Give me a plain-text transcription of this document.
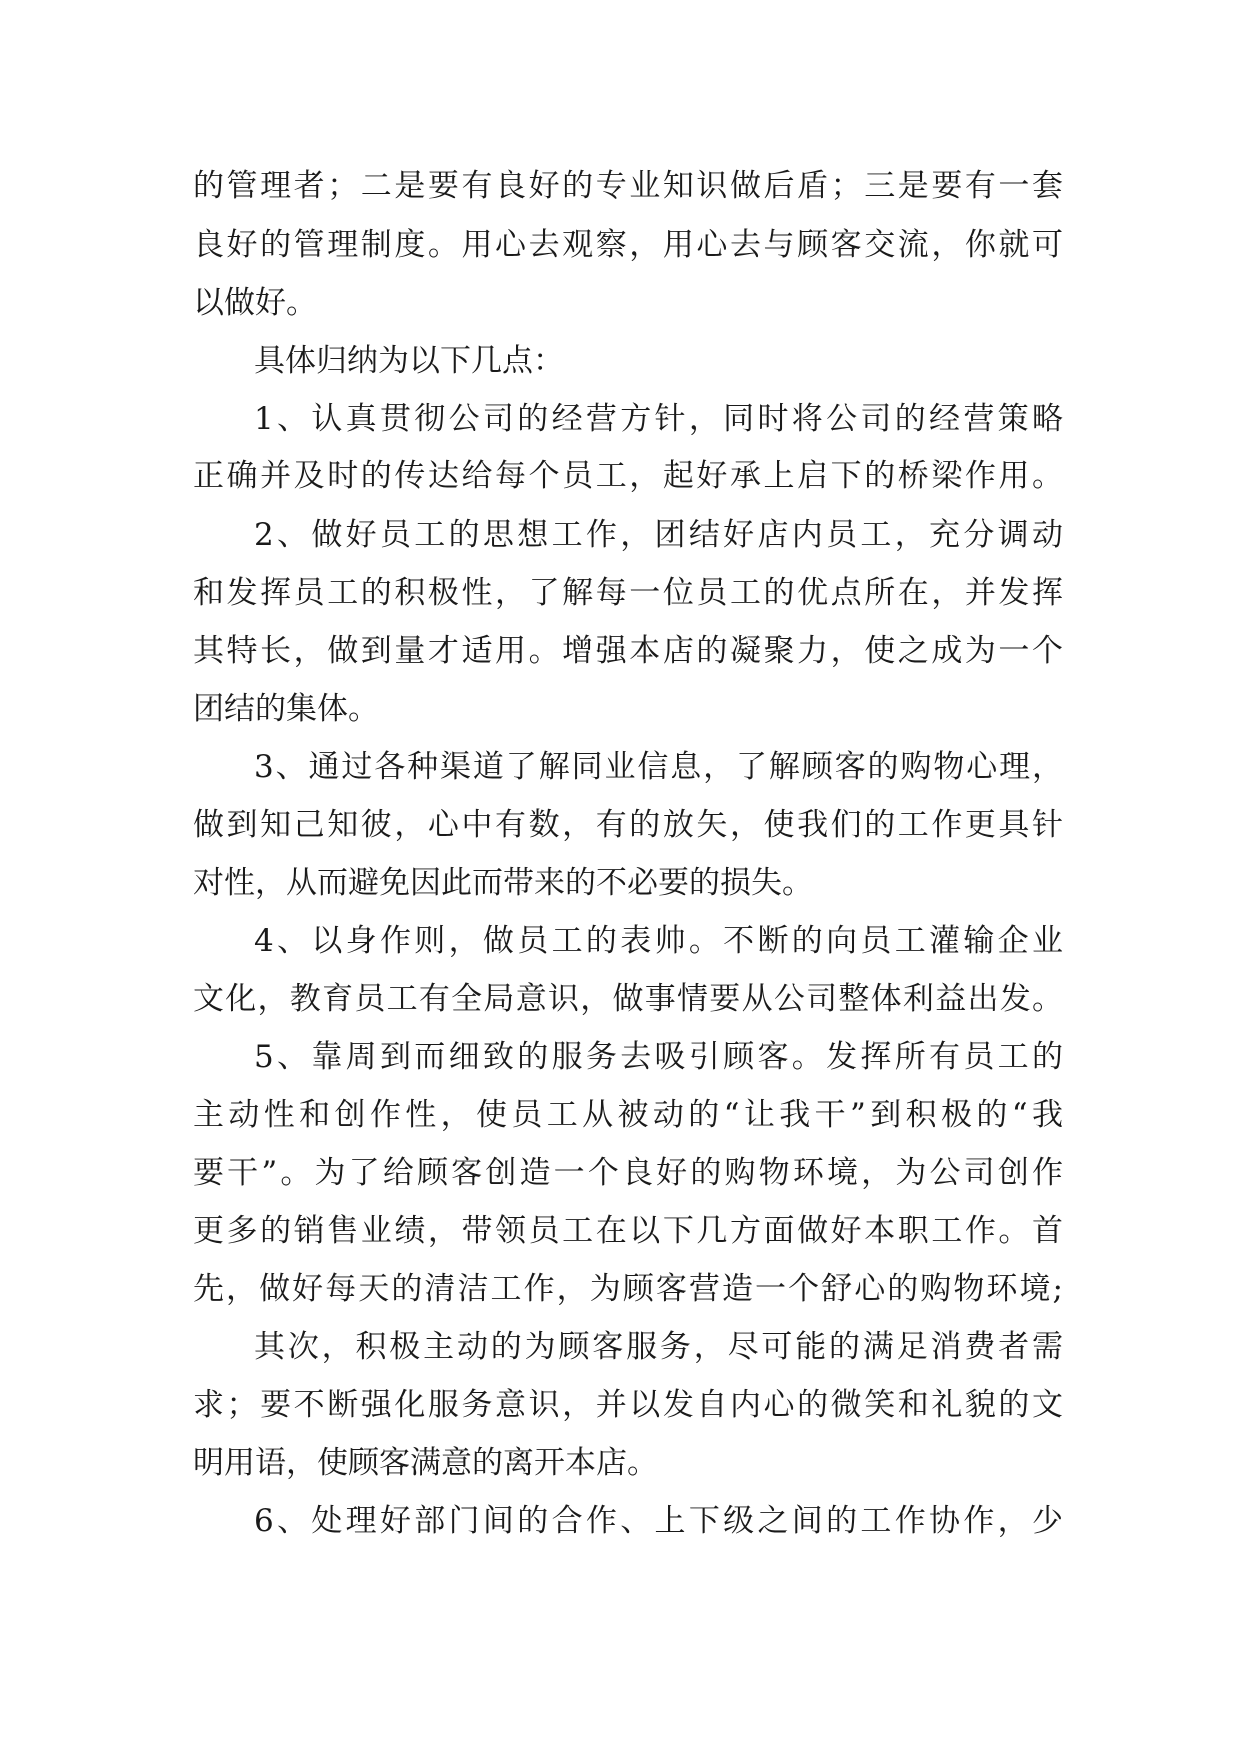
的管理者；二是要有良好的专业知识做后盾；三是要有一套
良好的管理制度。用心去观察，用心去与顾客交流，你就可
以做好。
具体归纳为以下几点：
1、认真贯彻公司的经营方针，同时将公司的经营策略
正确并及时的传达给每个员工，起好承上启下的桥梁作用。
2、做好员工的思想工作，团结好店内员工，充分调动
和发挥员工的积极性，了解每一位员工的优点所在，并发挥
其特长，做到量才适用。增强本店的凝聚力，使之成为一个
团结的集体。
3、通过各种渠道了解同业信息，了解顾客的购物心理，
做到知己知彼，心中有数，有的放矢，使我们的工作更具针
对性，从而避免因此而带来的不必要的损失。
4、以身作则，做员工的表帅。不断的向员工灌输企业
文化，教育员工有全局意识，做事情要从公司整体利益出发。
5、靠周到而细致的服务去吸引顾客。发挥所有员工的
主动性和创作性，使员工从被动的“让我干”到积极的“我
要干”。为了给顾客创造一个良好的购物环境，为公司创作
更多的销售业绩，带领员工在以下几方面做好本职工作。首
先，做好每天的清洁工作，为顾客营造一个舒心的购物环境;
其次，积极主动的为顾客服务，尽可能的满足消费者需
求；要不断强化服务意识，并以发自内心的微笑和礼貌的文
明用语，使顾客满意的离开本店。
6、处理好部门间的合作、上下级之间的工作协作，少
